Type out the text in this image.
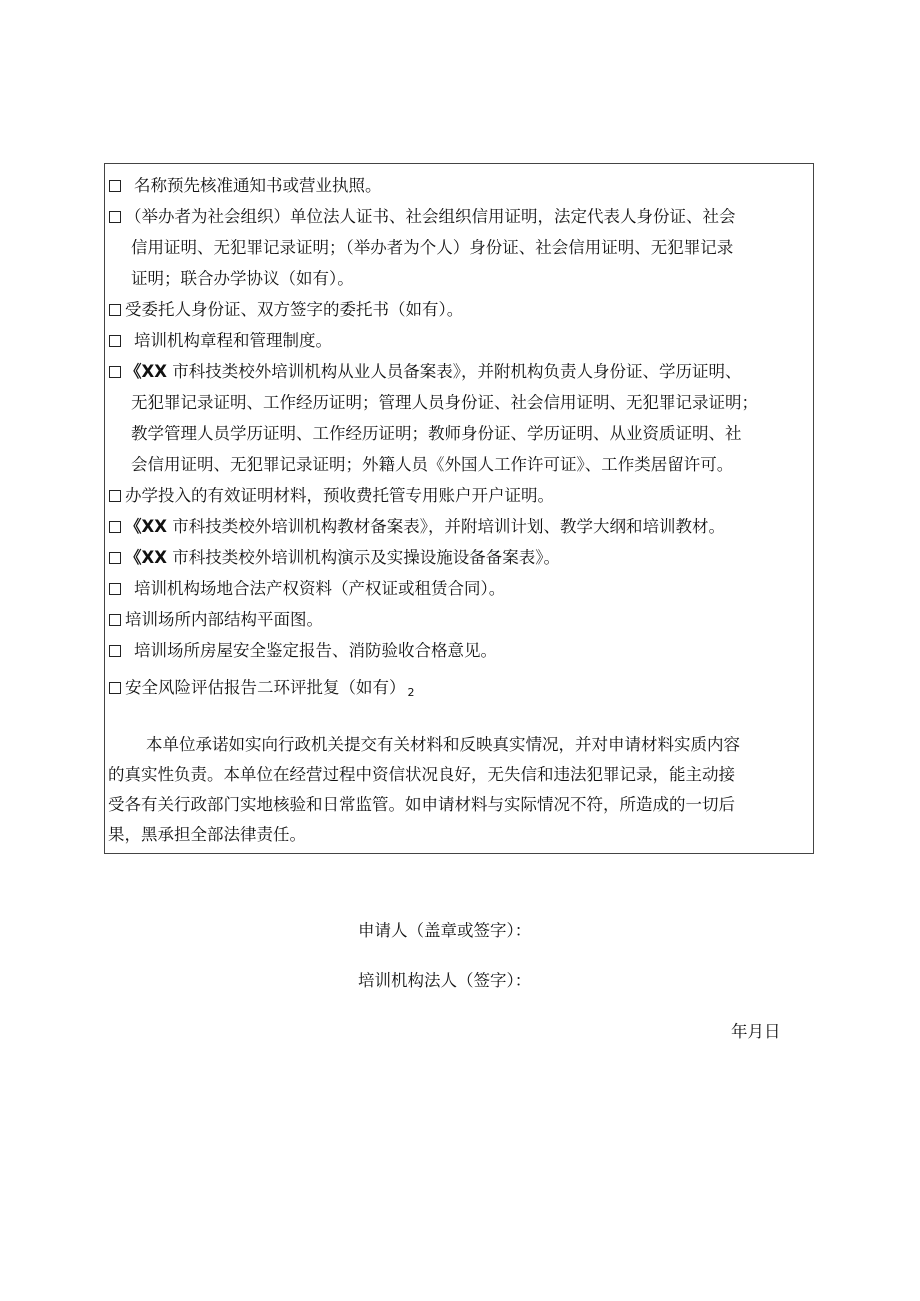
名称预先核准通知书或营业执照。
（举办者为社会组织）单位法人证书、社会组织信用证明，法定代表人身份证、社会
信用证明、无犯罪记录证明；（举办者为个人）身份证、社会信用证明、无犯罪记录
证明；联合办学协议（如有）。
受委托人身份证、双方签字的委托书（如有）。
培训机构章程和管理制度。
《XX 市科技类校外培训机构从业人员备案表》，并附机构负责人身份证、学历证明、
无犯罪记录证明、工作经历证明；管理人员身份证、社会信用证明、无犯罪记录证明；
教学管理人员学历证明、工作经历证明；教师身份证、学历证明、从业资质证明、社
会信用证明、无犯罪记录证明；外籍人员《外国人工作许可证》、工作类居留许可。
办学投入的有效证明材料，预收费托管专用账户开户证明。
《XX 市科技类校外培训机构教材备案表》，并附培训计划、教学大纲和培训教材。
《XX 市科技类校外培训机构演示及实操设施设备备案表》。
培训机构场地合法产权资料（产权证或租赁合同）。
培训场所内部结构平面图。
培训场所房屋安全鉴定报告、消防验收合格意见。
安全风险评估报告二环评批复（如有） $_2$
本单位承诺如实向行政机关提交有关材料和反映真实情况，并对申请材料实质内容
的真实性负责。本单位在经营过程中资信状况良好，无失信和违法犯罪记录，能主动接
受各有关行政部门实地核验和日常监管。如申请材料与实际情况不符，所造成的一切后
果，黑承担全部法律责任。
申请人（盖章或签字）：
培训机构法人（签字）：
年月日
